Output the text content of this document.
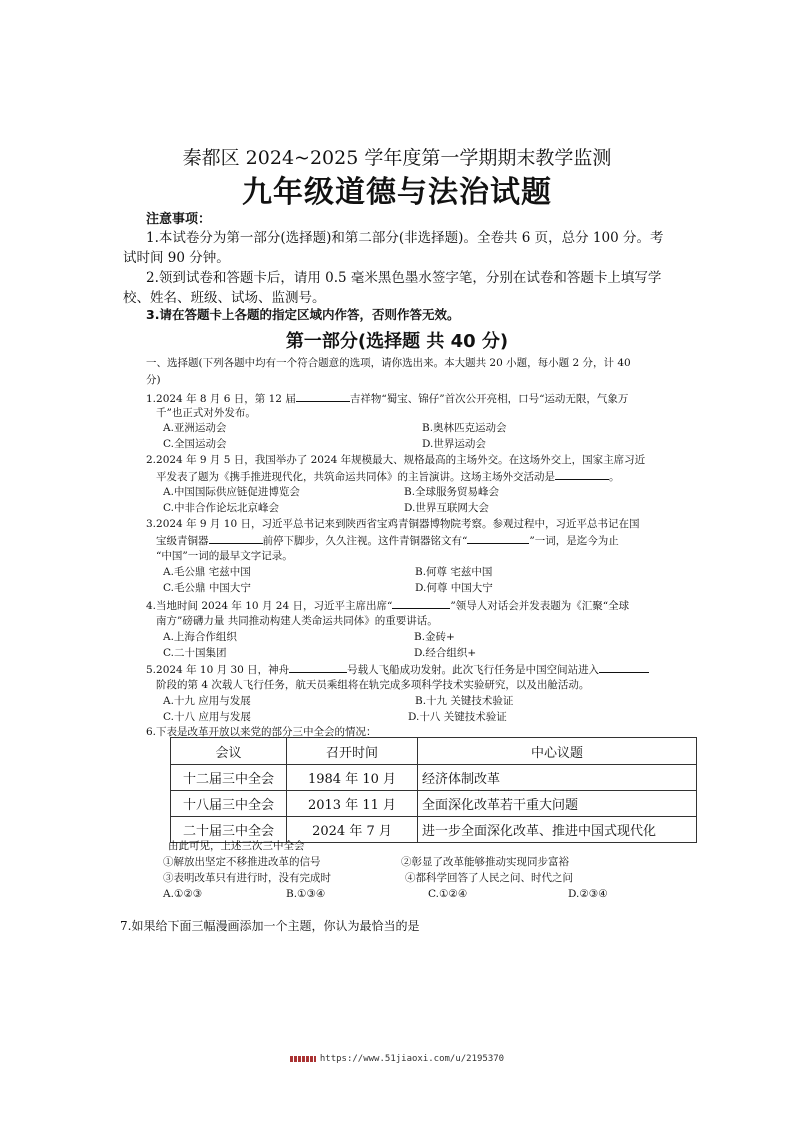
秦都区 2024~2025 学年度第一学期期末教学监测
九年级道德与法治试题
注意事项：
1.本试卷分为第一部分(选择题)和第二部分(非选择题)。全卷共 6 页，总分 100 分。考
试时间 90 分钟。
2.领到试卷和答题卡后，请用 0.5 毫米黑色墨水签字笔，分别在试卷和答题卡上填写学
校、姓名、班级、试场、监测号。
3.请在答题卡上各题的指定区域内作答，否则作答无效。
第一部分(选择题 共 40 分)
一、选择题(下列各题中均有一个符合题意的选项，请你选出来。本大题共 20 小题，每小题 2 分，计 40
分)
1.2024 年 8 月 6 日，第 12 届	吉祥物“蜀宝、锦仔”首次公开亮相，口号“运动无限，气象万
千”也正式对外发布。
A.亚洲运动会	B.奥林匹克运动会
C.全国运动会	D.世界运动会
2.2024 年 9 月 5 日，我国举办了 2024 年规模最大、规格最高的主场外交。在这场外交上，国家主席习近
平发表了题为《携手推进现代化，共筑命运共同体》的主旨演讲。这场主场外交活动是	。
A.中国国际供应链促进博览会	B.全球服务贸易峰会
C.中非合作论坛北京峰会	D.世界互联网大会
3.2024 年 9 月 10 日，习近平总书记来到陕西省宝鸡青铜器博物院考察。参观过程中，习近平总书记在国
宝级青铜器	前停下脚步，久久注视。这件青铜器铭文有“	”一词，是迄今为止
“中国”一词的最早文字记录。
A.毛公鼎 宅兹中国	B.何尊 宅兹中国
C.毛公鼎 中国大宁	D.何尊 中国大宁
4.当地时间 2024 年 10 月 24 日，习近平主席出席“	”领导人对话会并发表题为《汇聚“全球
南方”磅礴力量 共同推动构建人类命运共同体》的重要讲话。
A.上海合作组织	B.金砖+
C.二十国集团	D.经合组织+
5.2024 年 10 月 30 日，神舟	号载人飞船成功发射。此次飞行任务是中国空间站进入
阶段的第 4 次载人飞行任务，航天员乘组将在轨完成多项科学技术实验研究，以及出舱活动。
A.十九 应用与发展	B.十九 关键技术验证
C.十八 应用与发展	D.十八 关键技术验证
6.下表是改革开放以来党的部分三中全会的情况：
会议	召开时间	中心议题
十二届三中全会	1984 年 10 月	经济体制改革
十八届三中全会	2013 年 11 月	全面深化改革若干重大问题
二十届三中全会	2024 年 7 月	进一步全面深化改革、推进中国式现代化
由此可见，上述三次三中全会
①解放出坚定不移推进改革的信号	②彰显了改革能够推动实现同步富裕
③表明改革只有进行时，没有完成时	④都科学回答了人民之问、时代之问
A.①②③	B.①③④	C.①②④	D.②③④
7.如果给下面三幅漫画添加一个主题，你认为最恰当的是
https://www.51jiaoxi.com/u/2195370
